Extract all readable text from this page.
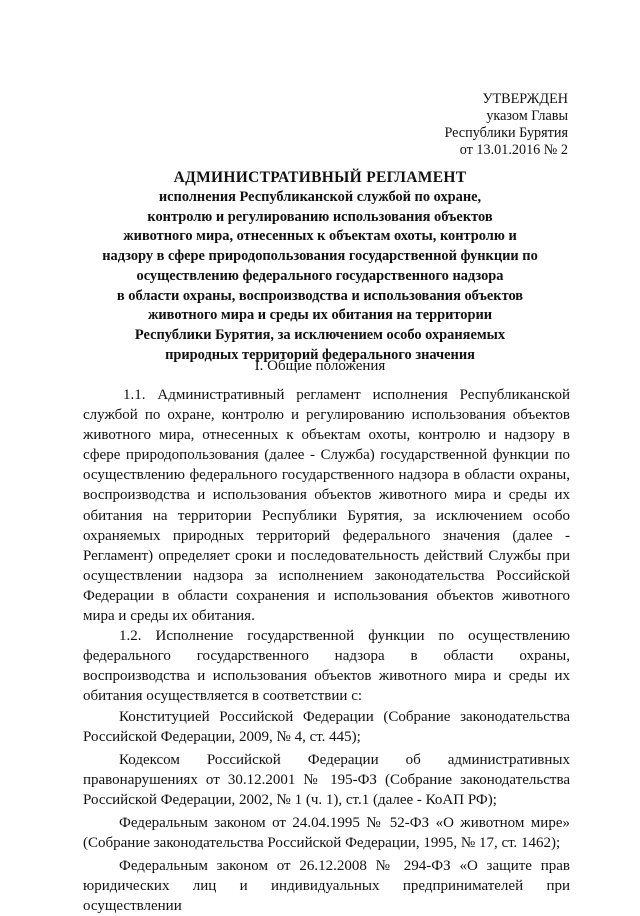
УТВЕРЖДЕН
указом Главы
Республики Бурятия
от 13.01.2016 № 2
АДМИНИСТРАТИВНЫЙ РЕГЛАМЕНТ
исполнения Республиканской службой по охране,
контролю и регулированию использования объектов
животного мира, отнесенных к объектам охоты, контролю и
надзору в сфере природопользования государственной функции по
осуществлению федерального государственного надзора
в области охраны, воспроизводства и использования объектов
животного мира и среды их обитания на территории
Республики Бурятия, за исключением особо охраняемых
природных территорий федерального значения
I. Общие положения

1.1. Административный регламент исполнения Республиканской службой по охране, контролю и регулированию использования объектов животного мира, отнесенных к объектам охоты, контролю и надзору в сфере природопользования (далее - Служба) государственной функции по осуществлению федерального государственного надзора в области охраны, воспроизводства и использования объектов животного мира и среды их обитания на территории Республики Бурятия, за исключением особо охраняемых природных территорий федерального значения (далее - Регламент) определяет сроки и последовательность действий Службы при осуществлении надзора за исполнением законодательства Российской Федерации в области сохранения и использования объектов животного мира и среды их обитания.

1.2. Исполнение государственной функции по осуществлению федерального государственного надзора в области охраны, воспроизводства и использования объектов животного мира и среды их обитания осуществляется в соответствии с:

Конституцией Российской Федерации (Собрание законодательства Российской Федерации, 2009, № 4, ст. 445);

Кодексом Российской Федерации об административных правонарушениях от 30.12.2001 № 195-ФЗ (Собрание законодательства Российской Федерации, 2002, № 1 (ч. 1), ст.1 (далее - КоАП РФ);

Федеральным законом от 24.04.1995 № 52-ФЗ «О животном мире» (Собрание законодательства Российской Федерации, 1995, № 17, ст. 1462);

Федеральным законом от 26.12.2008 № 294-ФЗ «О защите прав юридических лиц и индивидуальных предпринимателей при осуществлении
